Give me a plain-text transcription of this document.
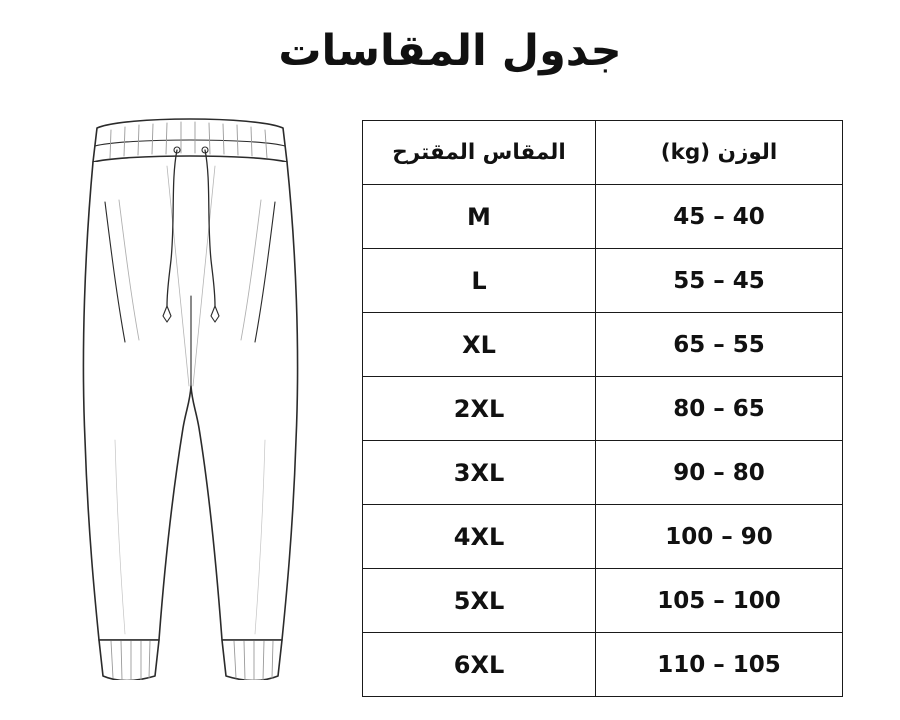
جدول المقاسات
الوزن (kg)	المقاس المقترح
40 – 45	M
45 – 55	L
55 – 65	XL
65 – 80	2XL
80 – 90	3XL
90 – 100	4XL
100 – 105	5XL
105 – 110	6XL
